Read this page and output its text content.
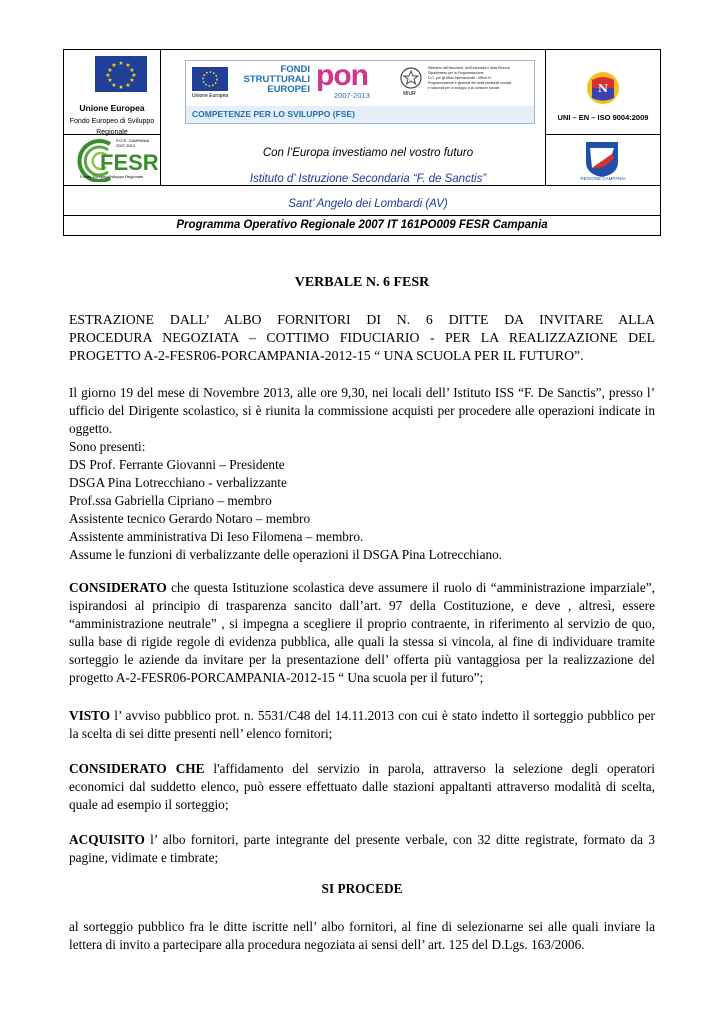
★ ★
★
★
★
★
★
★
★
★
★
★
Unione Europea
Fondo Europeo di Sviluppo
Regionale
Unione Europea
FONDI
STRUTTURALI
EUROPEI pon
2007-2013	MIUR
Ministero dell'Istruzione, dell'Università e della Ricerca
Dipartimento per la Programmazione
D.G. per gli Affari Internazionali - Ufficio IV
Programmazione e gestione dei fondi strutturali europei
e nazionali per lo sviluppo e la coesione sociale
COMPETENZE PER LO SVILUPPO (FSE)
N
UNI – EN – ISO 9004:2009
P.O.R. CAMPANIA
2007-2013
FESR
Fondo Europeo Sviluppo Regionale
Con l’Europa investiamo nel vostro futuro
Istituto d’ Istruzione Secondaria “F. de Sanctis”
Sant’ Angelo dei Lombardi (AV)
REGIONE CAMPANIA
Programma Operativo Regionale 2007 IT 161PO009 FESR Campania
VERBALE N. 6 FESR
ESTRAZIONE DALL’ ALBO FORNITORI DI N. 6 DITTE DA INVITARE ALLA
PROCEDURA NEGOZIATA – COTTIMO FIDUCIARIO - PER LA REALIZZAZIONE DEL
PROGETTO A-2-FESR06-PORCAMPANIA-2012-15 “ UNA SCUOLA PER IL FUTURO”.
Il giorno 19 del mese di Novembre 2013, alle ore 9,30, nei locali dell’ Istituto ISS “F. De Sanctis”, presso l’
ufficio del Dirigente scolastico, si è riunita la commissione acquisti per procedere alle operazioni indicate in
oggetto.
Sono presenti:
DS Prof. Ferrante Giovanni – Presidente
DSGA Pina Lotrecchiano - verbalizzante
Prof.ssa Gabriella Cipriano – membro
Assistente tecnico Gerardo Notaro – membro
Assistente amministrativa Di Ieso Filomena – membro.
Assume le funzioni di verbalizzante delle operazioni il DSGA Pina Lotrecchiano.
CONSIDERATO che questa Istituzione scolastica deve assumere il ruolo di “amministrazione imparziale”,
ispirandosi al principio di trasparenza sancito dall’art. 97 della Costituzione, e deve , altresì, essere
“amministrazione neutrale” , si impegna a scegliere il proprio contraente, in riferimento al servizio de quo,
sulla base di rigide regole di evidenza pubblica, alle quali la stessa si vincola, al fine di individuare tramite
sorteggio le aziende da invitare per la presentazione dell’ offerta più vantaggiosa per la realizzazione del
progetto A-2-FESR06-PORCAMPANIA-2012-15 “ Una scuola per il futuro”;
VISTO l’ avviso pubblico prot. n. 5531/C48 del 14.11.2013 con cui è stato indetto il sorteggio pubblico per
la scelta di sei ditte presenti nell’ elenco fornitori;
CONSIDERATO CHE l'affidamento del servizio in parola, attraverso la selezione degli operatori
economici dal suddetto elenco, può essere effettuato dalle stazioni appaltanti attraverso modalità di scelta,
quale ad esempio il sorteggio;
ACQUISITO l’ albo fornitori, parte integrante del presente verbale, con 32 ditte registrate, formato da 3
pagine, vidimate e timbrate;
SI PROCEDE
al sorteggio pubblico fra le ditte iscritte nell’ albo fornitori, al fine di selezionarne sei alle quali inviare la
lettera di invito a partecipare alla procedura negoziata ai sensi dell’ art. 125 del D.Lgs. 163/2006.
